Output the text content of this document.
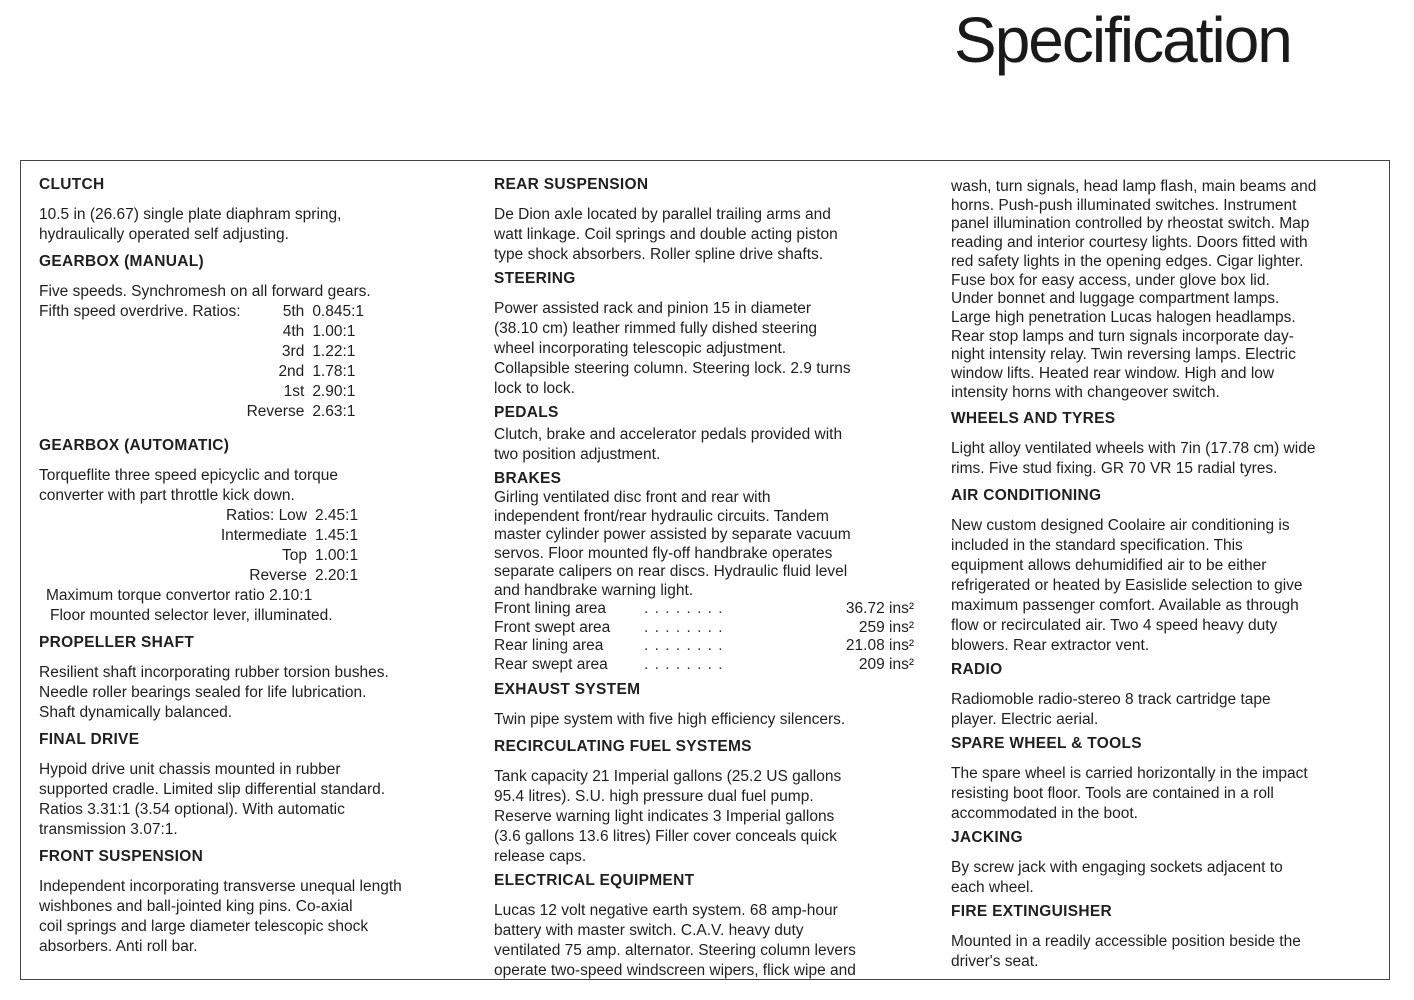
Specification
CLUTCH
10.5 in (26.67) single plate diaphram spring,
hydraulically operated self adjusting.
GEARBOX (MANUAL)
Five speeds. Synchromesh on all forward gears.
Fifth speed overdrive. Ratios:	5th	0.845:1
	4th	1.00:1
	3rd	1.22:1
	2nd	1.78:1
	1st	2.90:1
	Reverse	2.63:1
GEARBOX (AUTOMATIC)
Torqueflite three speed epicyclic and torque
converter with part throttle kick down.
Ratios: Low	2.45:1
Intermediate	1.45:1
Top	1.00:1
Reverse	2.20:1
Maximum torque convertor ratio 2.10:1
Floor mounted selector lever, illuminated.
PROPELLER SHAFT
Resilient shaft incorporating rubber torsion bushes.
Needle roller bearings sealed for life lubrication.
Shaft dynamically balanced.
FINAL DRIVE
Hypoid drive unit chassis mounted in rubber
supported cradle. Limited slip differential standard.
Ratios 3.31:1 (3.54 optional). With automatic
transmission 3.07:1.
FRONT SUSPENSION
Independent incorporating transverse unequal length
wishbones and ball-jointed king pins. Co-axial
coil springs and large diameter telescopic shock
absorbers. Anti roll bar.
REAR SUSPENSION
De Dion axle located by parallel trailing arms and
watt linkage. Coil springs and double acting piston
type shock absorbers. Roller spline drive shafts.
STEERING
Power assisted rack and pinion 15 in diameter
(38.10 cm) leather rimmed fully dished steering
wheel incorporating telescopic adjustment.
Collapsible steering column. Steering lock. 2.9 turns
lock to lock.
PEDALS
Clutch, brake and accelerator pedals provided with
two position adjustment.
BRAKES
Girling ventilated disc front and rear with
independent front/rear hydraulic circuits. Tandem
master cylinder power assisted by separate vacuum
servos. Floor mounted fly-off handbrake operates
separate calipers on rear discs. Hydraulic fluid level
and handbrake warning light.
Front lining area	. . . . . . . .	36.72 ins²
Front swept area	. . . . . . . .	259 ins²
Rear lining area	. . . . . . . .	21.08 ins²
Rear swept area	. . . . . . . .	209 ins²
EXHAUST SYSTEM
Twin pipe system with five high efficiency silencers.
RECIRCULATING FUEL SYSTEMS
Tank capacity 21 Imperial gallons (25.2 US gallons
95.4 litres). S.U. high pressure dual fuel pump.
Reserve warning light indicates 3 Imperial gallons
(3.6 gallons 13.6 litres) Filler cover conceals quick
release caps.
ELECTRICAL EQUIPMENT
Lucas 12 volt negative earth system. 68 amp-hour
battery with master switch. C.A.V. heavy duty
ventilated 75 amp. alternator. Steering column levers
operate two-speed windscreen wipers, flick wipe and
wash, turn signals, head lamp flash, main beams and
horns. Push-push illuminated switches. Instrument
panel illumination controlled by rheostat switch. Map
reading and interior courtesy lights. Doors fitted with
red safety lights in the opening edges. Cigar lighter.
Fuse box for easy access, under glove box lid.
Under bonnet and luggage compartment lamps.
Large high penetration Lucas halogen headlamps.
Rear stop lamps and turn signals incorporate day-
night intensity relay. Twin reversing lamps. Electric
window lifts. Heated rear window. High and low
intensity horns with changeover switch.
WHEELS AND TYRES
Light alloy ventilated wheels with 7in (17.78 cm) wide
rims. Five stud fixing. GR 70 VR 15 radial tyres.
AIR CONDITIONING
New custom designed Coolaire air conditioning is
included in the standard specification. This
equipment allows dehumidified air to be either
refrigerated or heated by Easislide selection to give
maximum passenger comfort. Available as through
flow or recirculated air. Two 4 speed heavy duty
blowers. Rear extractor vent.
RADIO
Radiomoble radio-stereo 8 track cartridge tape
player. Electric aerial.
SPARE WHEEL & TOOLS
The spare wheel is carried horizontally in the impact
resisting boot floor. Tools are contained in a roll
accommodated in the boot.
JACKING
By screw jack with engaging sockets adjacent to
each wheel.
FIRE EXTINGUISHER
Mounted in a readily accessible position beside the
driver's seat.
